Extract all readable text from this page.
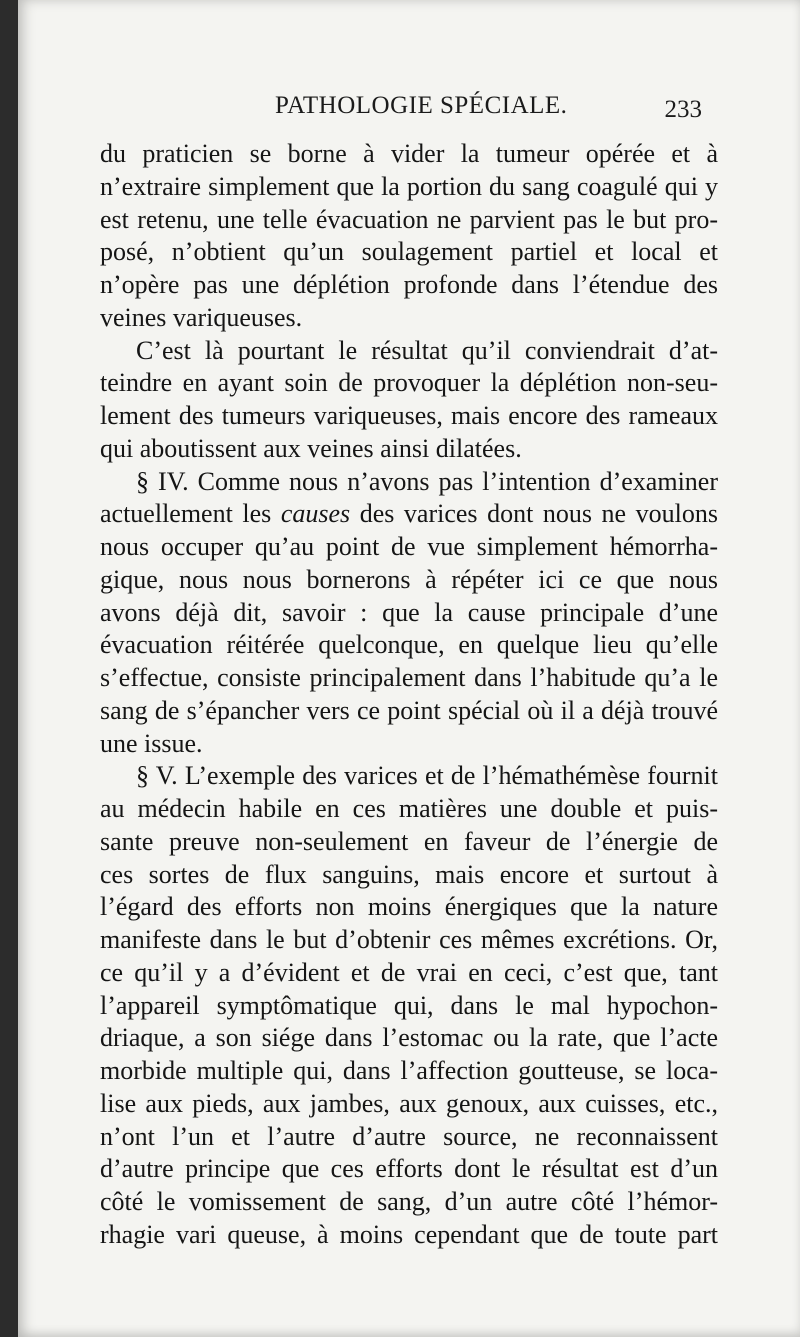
PATHOLOGIE SPÉCIALE.	233
du praticien se borne à vider la tumeur opérée et à
n’extraire simplement que la portion du sang coagulé qui y
est retenu, une telle évacuation ne parvient pas le but pro-
posé, n’obtient qu’un soulagement partiel et local et
n’opère pas une déplétion profonde dans l’étendue des
veines variqueuses.
C’est là pourtant le résultat qu’il conviendrait d’at-
teindre en ayant soin de provoquer la déplétion non-seu-
lement des tumeurs variqueuses, mais encore des rameaux
qui aboutissent aux veines ainsi dilatées.
§ IV. Comme nous n’avons pas l’intention d’examiner
actuellement les causes des varices dont nous ne voulons
nous occuper qu’au point de vue simplement hémorrha-
gique, nous nous bornerons à répéter ici ce que nous
avons déjà dit, savoir : que la cause principale d’une
évacuation réitérée quelconque, en quelque lieu qu’elle
s’effectue, consiste principalement dans l’habitude qu’a le
sang de s’épancher vers ce point spécial où il a déjà trouvé
une issue.
§ V. L’exemple des varices et de l’hémathémèse fournit
au médecin habile en ces matières une double et puis-
sante preuve non-seulement en faveur de l’énergie de
ces sortes de flux sanguins, mais encore et surtout à
l’égard des efforts non moins énergiques que la nature
manifeste dans le but d’obtenir ces mêmes excrétions. Or,
ce qu’il y a d’évident et de vrai en ceci, c’est que, tant
l’appareil symptômatique qui, dans le mal hypochon-
driaque, a son siége dans l’estomac ou la rate, que l’acte
morbide multiple qui, dans l’affection goutteuse, se loca-
lise aux pieds, aux jambes, aux genoux, aux cuisses, etc.,
n’ont l’un et l’autre d’autre source, ne reconnaissent
d’autre principe que ces efforts dont le résultat est d’un
côté le vomissement de sang, d’un autre côté l’hémor-
rhagie vari queuse, à moins cependant que de toute part
